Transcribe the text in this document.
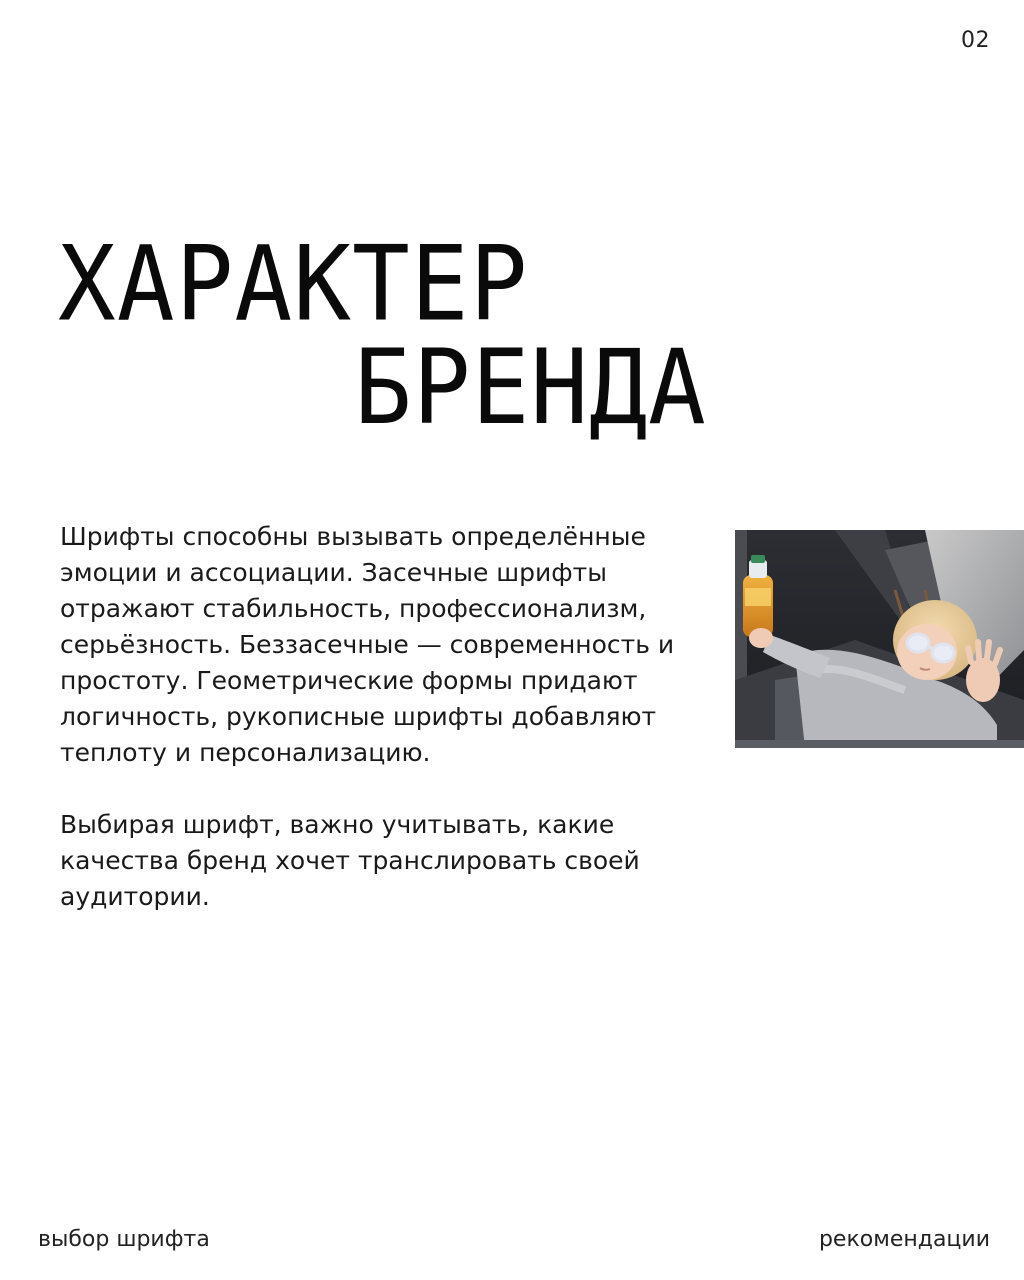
02
ХАРАКТЕР
БРЕНДА

Шрифты способны вызывать определённые эмоции и ассоциации. Засечные шрифты отражают стабильность, профессионализм, серьёзность. Беззасечные — современность и простоту. Геометрические формы придают логичность, рукописные шрифты добавляют теплоту и персонализацию.

Выбирая шрифт, важно учитывать, какие качества бренд хочет транслировать своей аудитории.

выбор шрифта	рекомендации
